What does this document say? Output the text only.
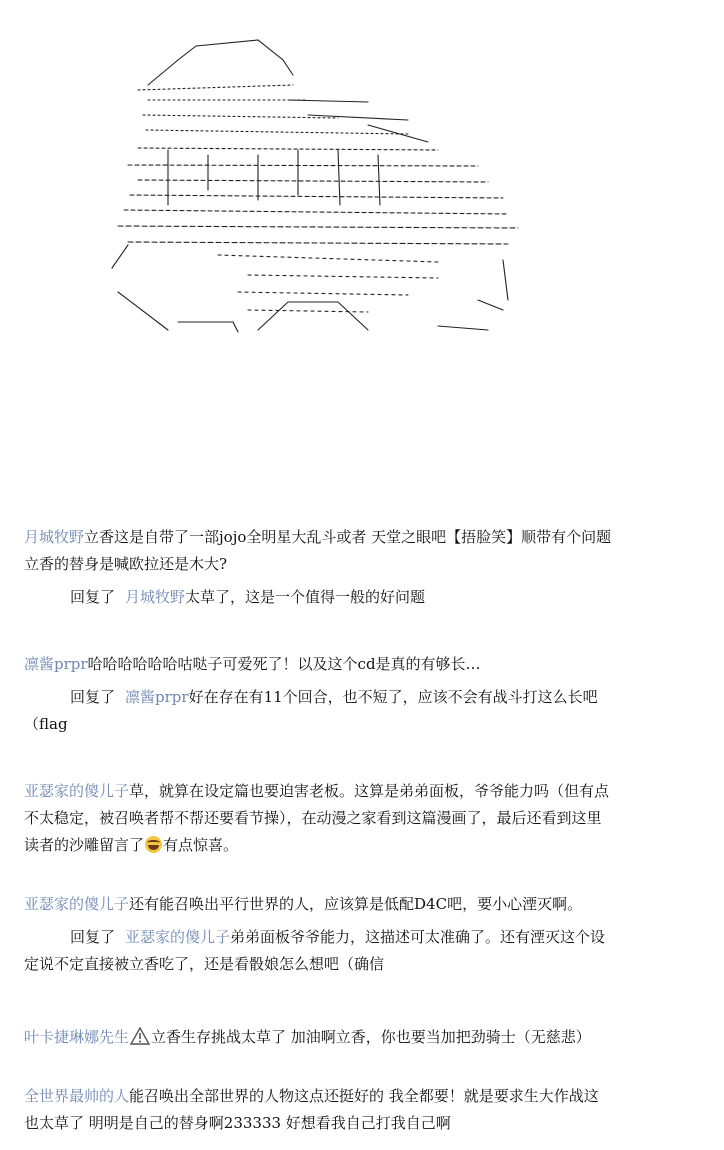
月城牧野立香这是自带了一部jojo全明星大乱斗或者 天堂之眼吧【捂脸笑】顺带有个问题

立香的替身是喊欧拉还是木大?

回复了 月城牧野太草了，这是一个值得一般的好问题

凛酱prpr哈哈哈哈哈哈咕哒子可爱死了！以及这个cd是真的有够长…

回复了 凛酱prpr好在存在有11个回合，也不短了，应该不会有战斗打这么长吧

（flag

亚瑟家的傻儿子草，就算在设定篇也要迫害老板。这算是弟弟面板，爷爷能力吗（但有点

不太稳定，被召唤者帮不帮还要看节操），在动漫之家看到这篇漫画了，最后还看到这里

读者的沙雕留言了 有点惊喜。

亚瑟家的傻儿子还有能召唤出平行世界的人，应该算是低配D4C吧，要小心湮灭啊。

回复了 亚瑟家的傻儿子弟弟面板爷爷能力，这描述可太准确了。还有湮灭这个设

定说不定直接被立香吃了，还是看骰娘怎么想吧（确信

叶卡捷琳娜先生 立香生存挑战太草了 加油啊立香，你也要当加把劲骑士（无慈悲）

全世界最帅的人能召唤出全部世界的人物这点还挺好的 我全都要！就是要求生大作战这

也太草了 明明是自己的替身啊233333 好想看我自己打我自己啊
